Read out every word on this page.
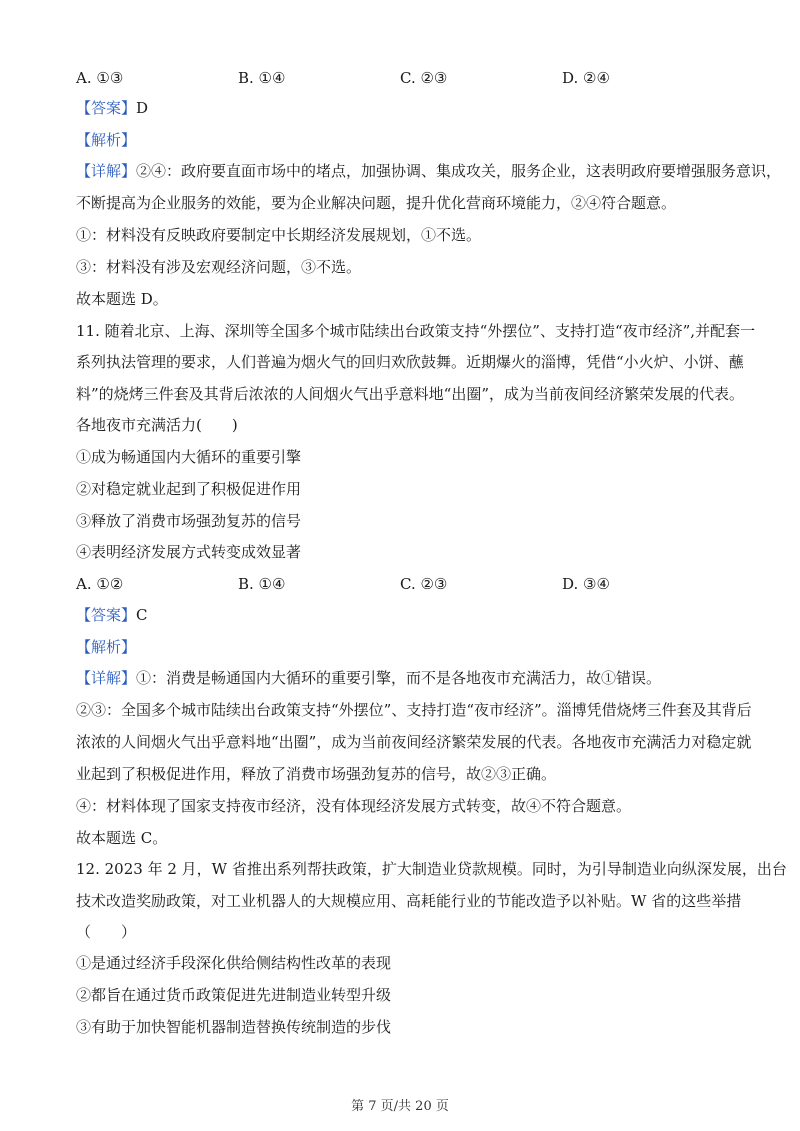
A. ①③	B. ①④	C. ②③	D. ②④
【答案】D
【解析】
【详解】②④：政府要直面市场中的堵点，加强协调、集成攻关，服务企业，这表明政府要增强服务意识，
不断提高为企业服务的效能，要为企业解决问题，提升优化营商环境能力，②④符合题意。
①：材料没有反映政府要制定中长期经济发展规划，①不选。
③：材料没有涉及宏观经济问题，③不选。
故本题选 D。
11. 随着北京、上海、深圳等全国多个城市陆续出台政策支持“外摆位”、支持打造“夜市经济”,并配套一
系列执法管理的要求，人们普遍为烟火气的回归欢欣鼓舞。近期爆火的淄博，凭借“小火炉、小饼、蘸
料”的烧烤三件套及其背后浓浓的人间烟火气出乎意料地“出圈”，成为当前夜间经济繁荣发展的代表。
各地夜市充满活力(　　)
①成为畅通国内大循环的重要引擎
②对稳定就业起到了积极促进作用
③释放了消费市场强劲复苏的信号
④表明经济发展方式转变成效显著
A. ①②	B. ①④	C. ②③	D. ③④
【答案】C
【解析】
【详解】①：消费是畅通国内大循环的重要引擎，而不是各地夜市充满活力，故①错误。
②③：全国多个城市陆续出台政策支持“外摆位”、支持打造“夜市经济”。淄博凭借烧烤三件套及其背后
浓浓的人间烟火气出乎意料地“出圈”，成为当前夜间经济繁荣发展的代表。各地夜市充满活力对稳定就
业起到了积极促进作用，释放了消费市场强劲复苏的信号，故②③正确。
④：材料体现了国家支持夜市经济，没有体现经济发展方式转变，故④不符合题意。
故本题选 C。
12. 2023 年 2 月，W 省推出系列帮扶政策，扩大制造业贷款规模。同时，为引导制造业向纵深发展，出台
技术改造奖励政策，对工业机器人的大规模应用、高耗能行业的节能改造予以补贴。W 省的这些举措
（　　）
①是通过经济手段深化供给侧结构性改革的表现
②都旨在通过货币政策促进先进制造业转型升级
③有助于加快智能机器制造替换传统制造的步伐
第 7 页/共 20 页
